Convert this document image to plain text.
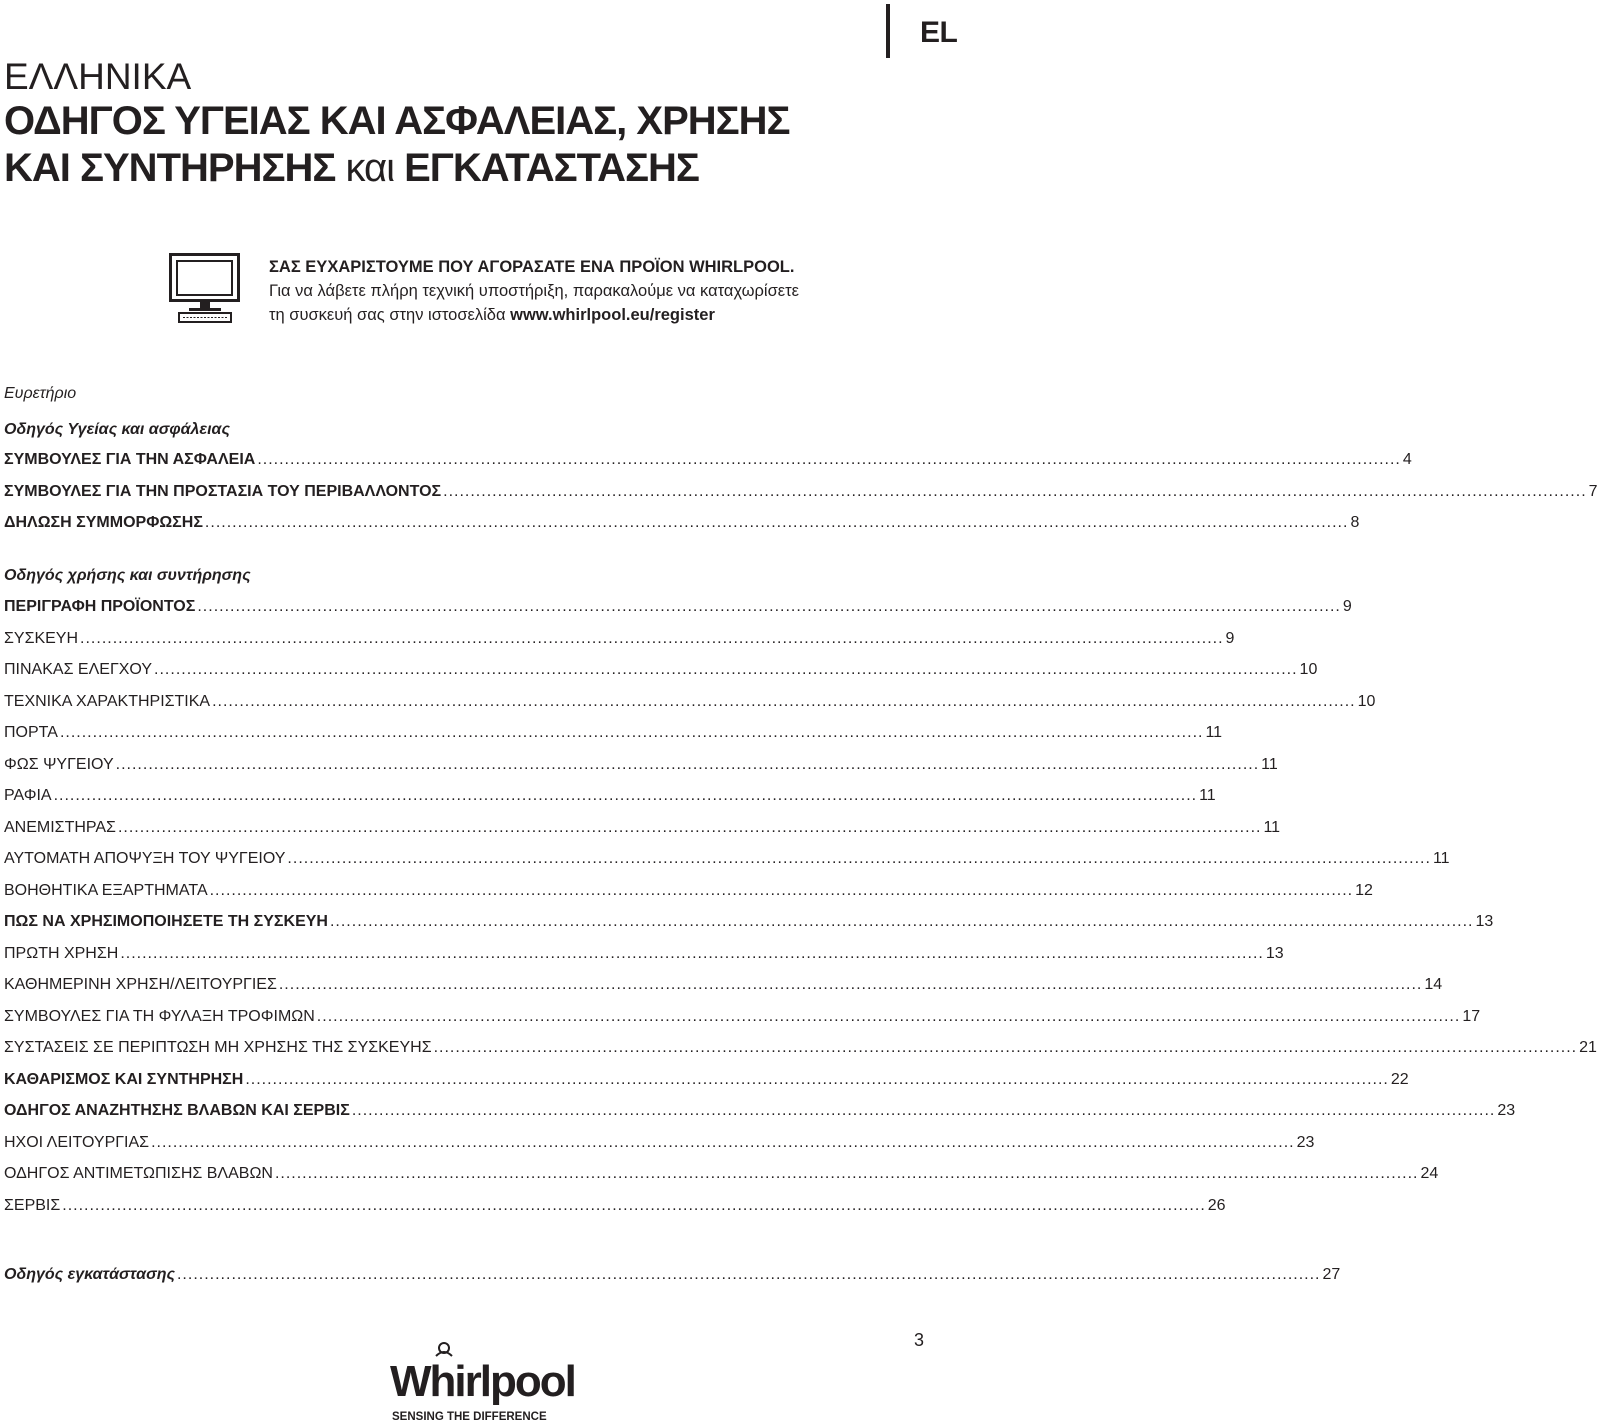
EL
ΕΛΛΗΝΙΚΑ
ΟΔΗΓΟΣ ΥΓΕΙΑΣ ΚΑΙ ΑΣΦΑΛΕΙΑΣ, ΧΡΗΣΗΣ
ΚΑΙ ΣΥΝΤΗΡΗΣΗΣ και ΕΓΚΑΤΑΣΤΑΣΗΣ
ΣΑΣ ΕΥΧΑΡΙΣΤΟΥΜΕ ΠΟΥ ΑΓΟΡΑΣΑΤΕ ΕΝΑ ΠΡΟΪΟΝ WHIRLPOOL.
Για να λάβετε πλήρη τεχνική υποστήριξη, παρακαλούμε να καταχωρίσετε
τη συσκευή σας στην ιστοσελίδα www.whirlpool.eu/register
Ευρετήριο
Οδηγός Υγείας και ασφάλειας
ΣΥΜΒΟΥΛΕΣ ΓΙΑ ΤΗΝ ΑΣΦΑΛΕΙΑ .....	4
ΣΥΜΒΟΥΛΕΣ ΓΙΑ ΤΗΝ ΠΡΟΣΤΑΣΙΑ ΤΟΥ ΠΕΡΙΒΑΛΛΟΝΤΟΣ .....	7
ΔΗΛΩΣΗ ΣΥΜΜΟΡΦΩΣΗΣ .....	8
Οδηγός χρήσης και συντήρησης
ΠΕΡΙΓΡΑΦΗ ΠΡΟΪΟΝΤΟΣ .....	9
ΣΥΣΚΕΥΗ .....	9
ΠΙΝΑΚΑΣ ΕΛΕΓΧΟΥ .....	10
ΤΕΧΝΙΚΑ ΧΑΡΑΚΤΗΡΙΣΤΙΚΑ .....	10
ΠΟΡΤΑ .....	11
ΦΩΣ ΨΥΓΕΙΟΥ .....	11
ΡΑΦΙΑ .....	11
ΑΝΕΜΙΣΤΗΡΑΣ .....	11
ΑΥΤΟΜΑΤΗ ΑΠΟΨΥΞΗ ΤΟΥ ΨΥΓΕΙΟΥ .....	11
ΒΟΗΘΗΤΙΚΑ ΕΞΑΡΤΗΜΑΤΑ .....	12
ΠΩΣ ΝΑ ΧΡΗΣΙΜΟΠΟΙΗΣΕΤΕ ΤΗ ΣΥΣΚΕΥΗ .....	13
ΠΡΩΤΗ ΧΡΗΣΗ .....	13
ΚΑΘΗΜΕΡΙΝΗ ΧΡΗΣΗ/ΛΕΙΤΟΥΡΓΙΕΣ .....	14
ΣΥΜΒΟΥΛΕΣ ΓΙΑ ΤΗ ΦΥΛΑΞΗ ΤΡΟΦΙΜΩΝ .....	17
ΣΥΣΤΑΣΕΙΣ ΣΕ ΠΕΡΙΠΤΩΣΗ ΜΗ ΧΡΗΣΗΣ ΤΗΣ ΣΥΣΚΕΥΗΣ .....	21
ΚΑΘΑΡΙΣΜΟΣ ΚΑΙ ΣΥΝΤΗΡΗΣΗ .....	22
ΟΔΗΓΟΣ ΑΝΑΖΗΤΗΣΗΣ ΒΛΑΒΩΝ ΚΑΙ ΣΕΡΒΙΣ .....	23
ΗΧΟΙ ΛΕΙΤΟΥΡΓΙΑΣ .....	23
ΟΔΗΓΟΣ ΑΝΤΙΜΕΤΩΠΙΣΗΣ ΒΛΑΒΩΝ .....	24
ΣΕΡΒΙΣ .....	26
Οδηγός εγκατάστασης .....	27
3
Whirlpool
SENSING THE DIFFERENCE
